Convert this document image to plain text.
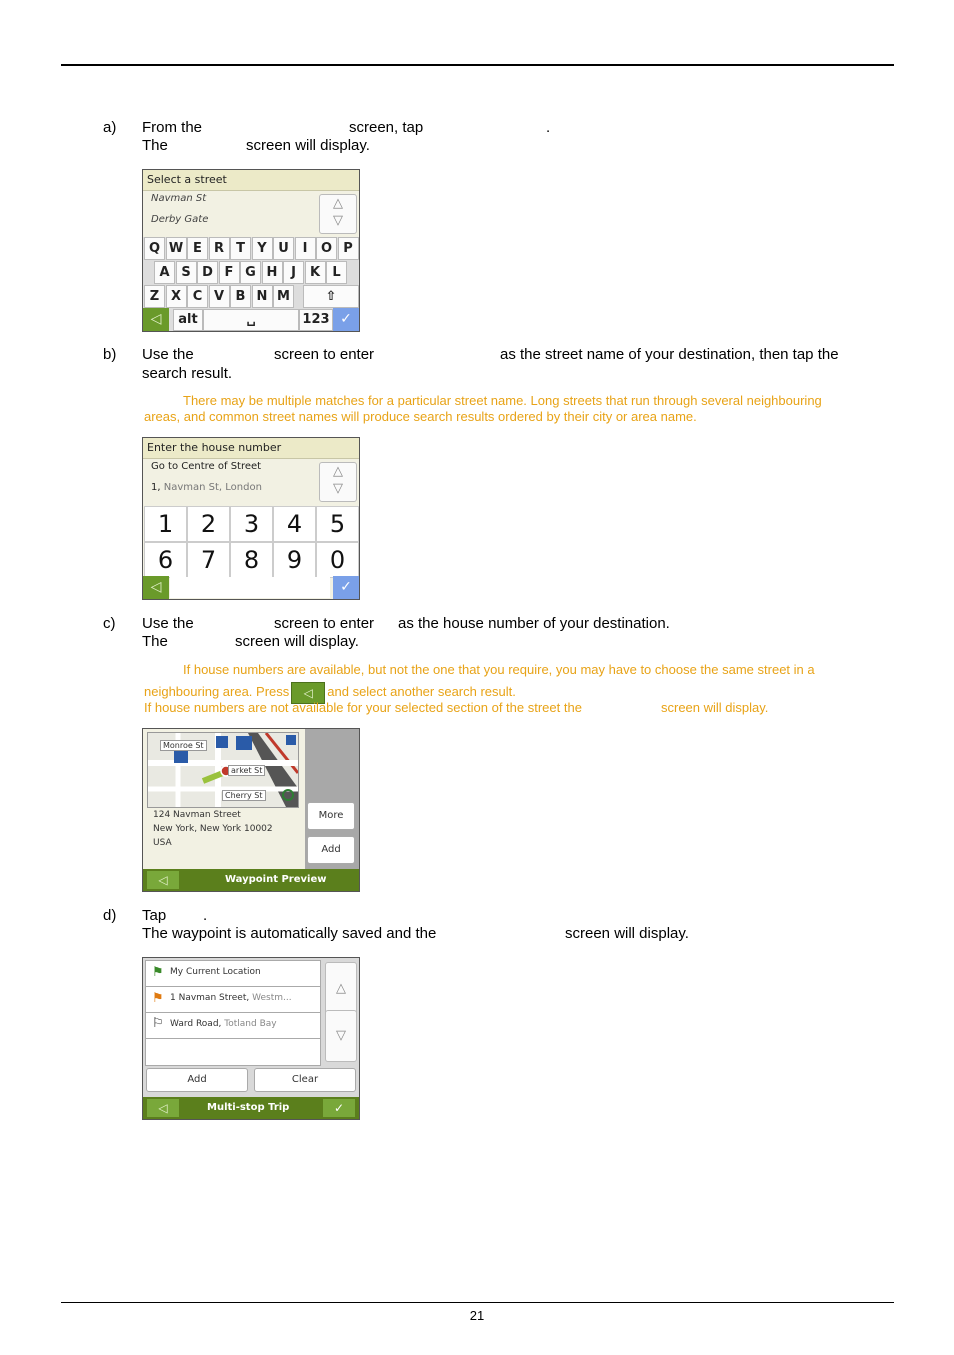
a) From the	screen, tap	.
The	screen will display.
Select a street
Navman St
Derby Gate
△
▽
Q W E R T Y U	I	O P
A S D F G H	J	K L
Z X C V B N M	⇧
alt	␣	123
◁	✓
b) Use the	screen to enter	as the street name of your destination, then tap the
search result.
There may be multiple matches for a particular street name. Long streets that run through several neighbouring
areas, and common street names will produce search results ordered by their city or area name.
Enter the house number
Go to Centre of Street
1, Navman St, London
△
▽
1	2	3	4	5
6	7	8	9	0
◁	✓
c) Use the	screen to enter as the house number of your destination.
The	screen will display.
If house numbers are available, but not the one that you require, you may have to choose the same street in a
neighbouring area. Press ◁ and select another search result.
If house numbers are not available for your selected section of the street the	screen will display.
Monroe St
arket St
Cherry St
124 Navman Street
New York, New York 10002
USA
More
Add
◁	Waypoint Preview
d) Tap .
The waypoint is automatically saved and the	screen will display.
⚑ My Current Location
⚑ 1 Navman Street, Westm...
⚐ Ward Road, Totland Bay
△
▽
Add	Clear
◁	Multi-stop Trip	✓
21
